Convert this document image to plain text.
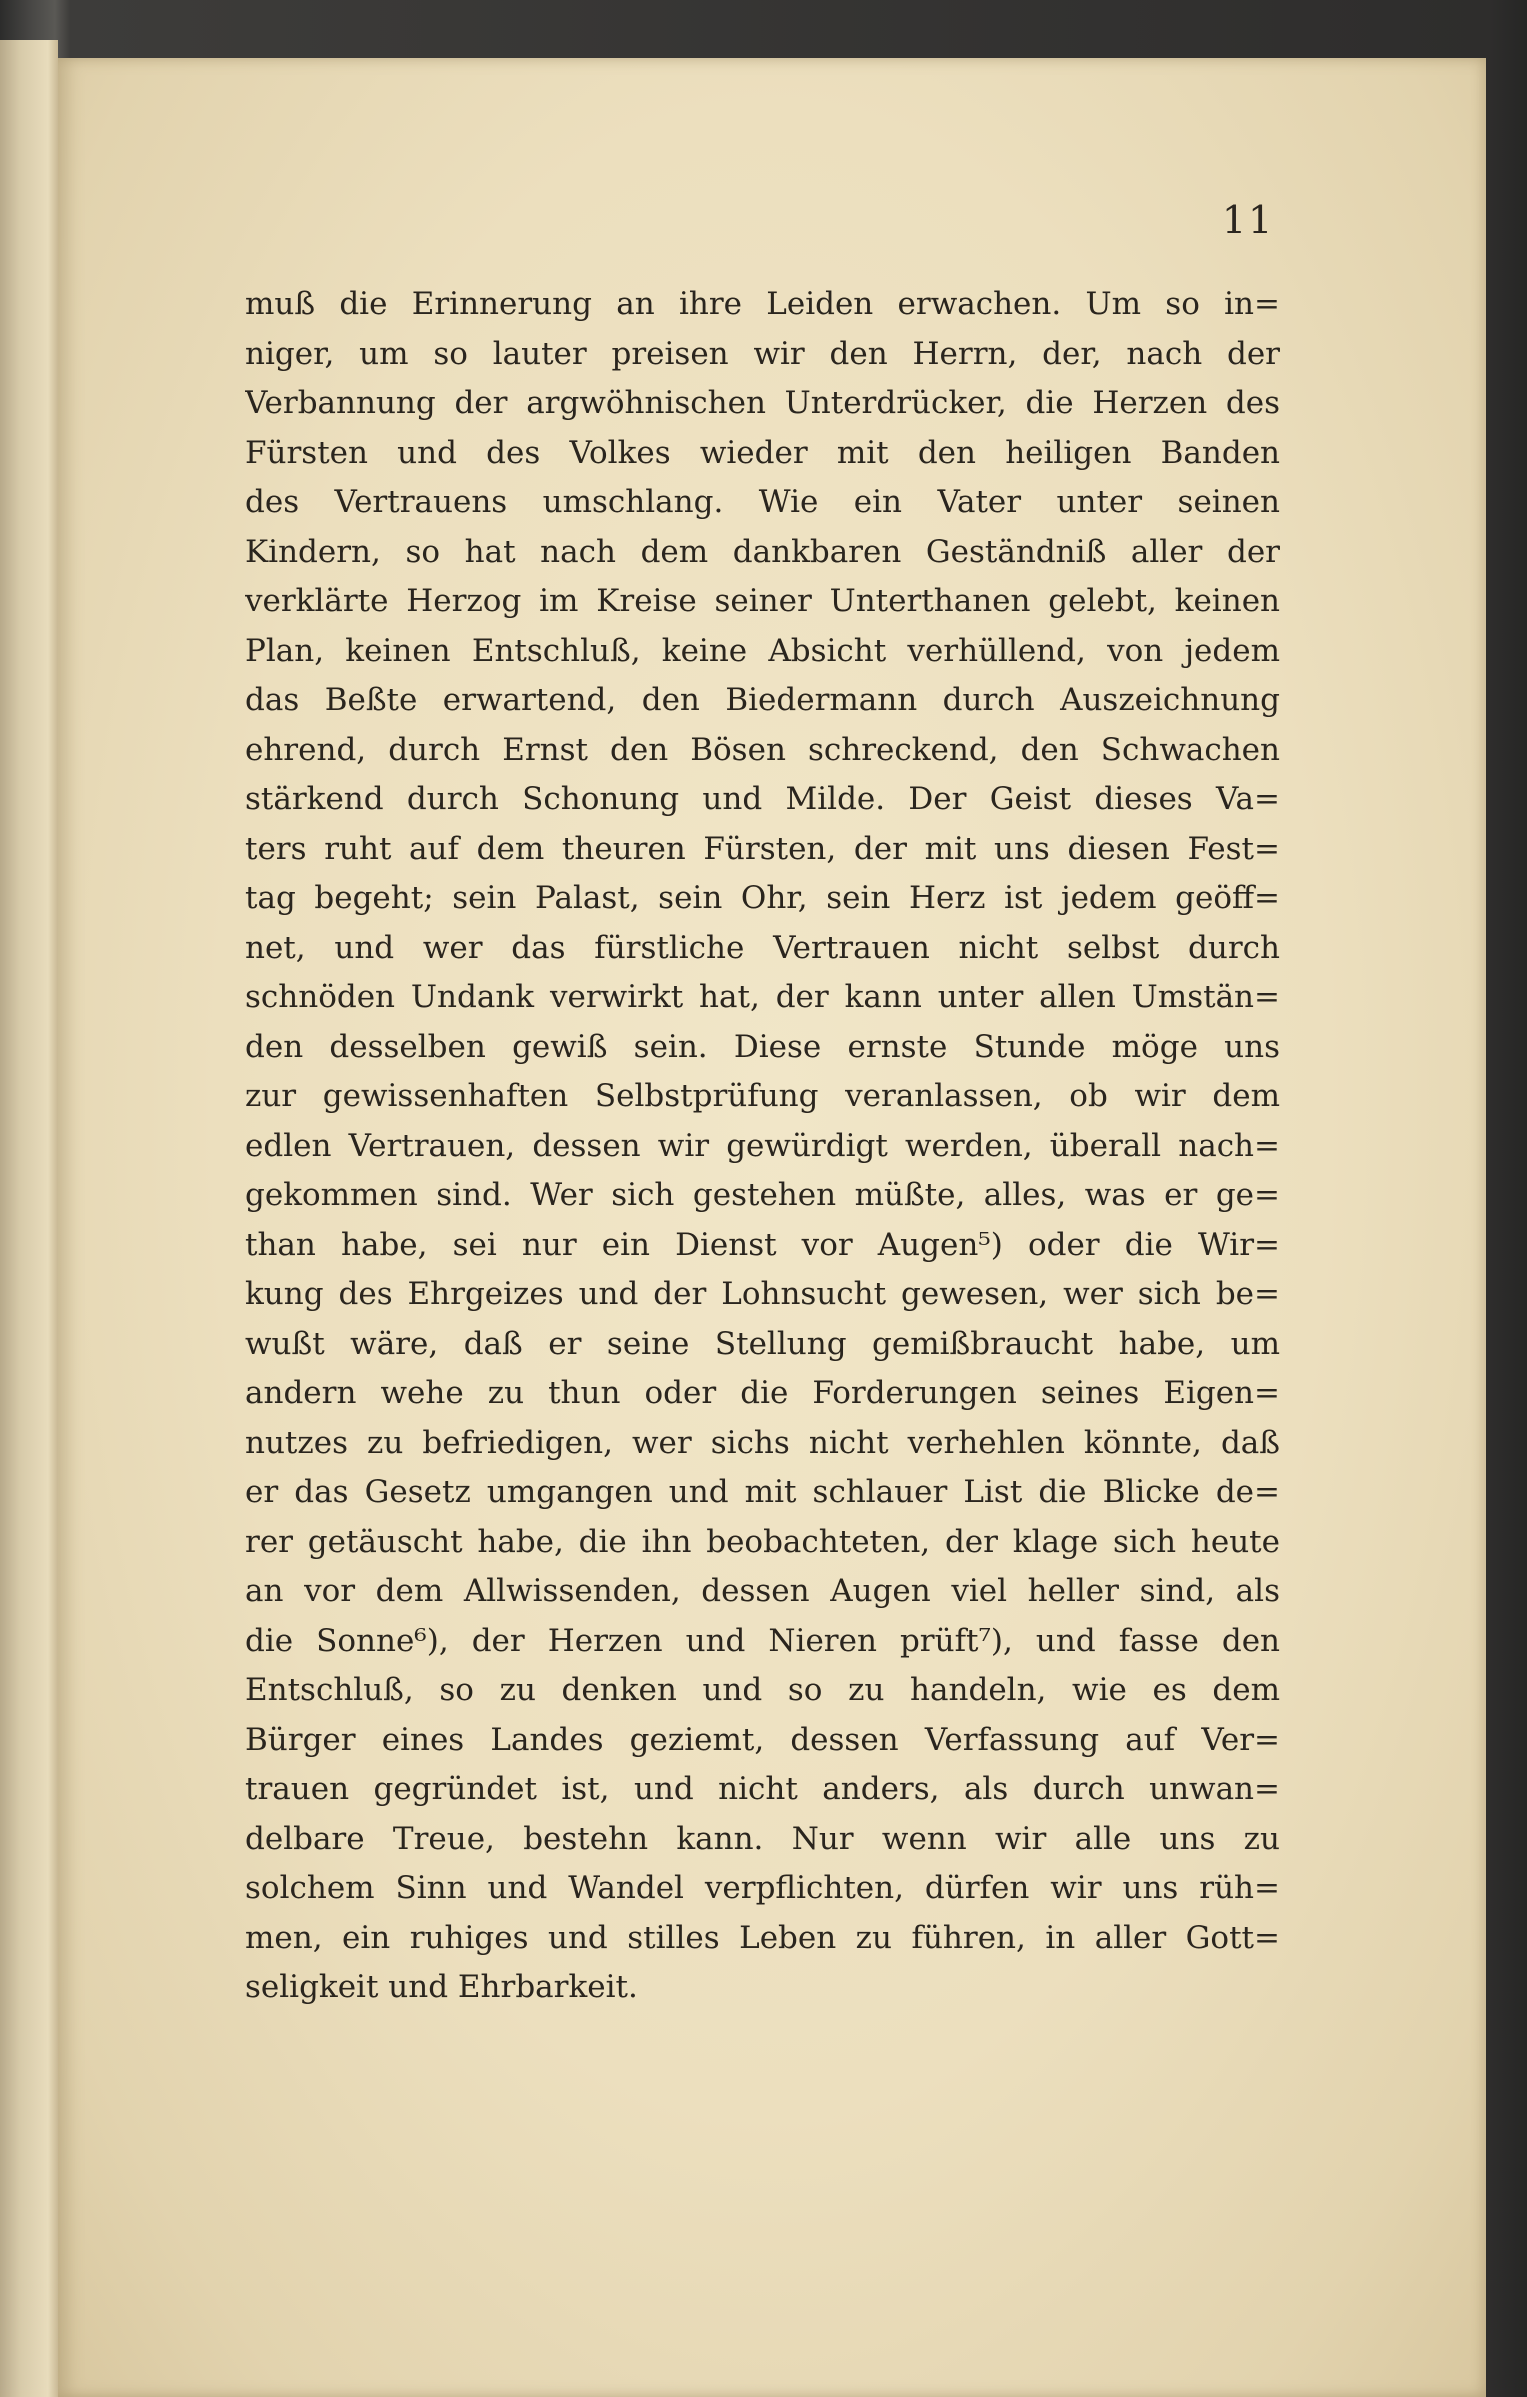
11
muß die Erinnerung an ihre Leiden erwachen. Um so in=
niger, um so lauter preisen wir den Herrn, der, nach der
Verbannung der argwöhnischen Unterdrücker, die Herzen des
Fürsten und des Volkes wieder mit den heiligen Banden
des Vertrauens umschlang. Wie ein Vater unter seinen
Kindern, so hat nach dem dankbaren Geständniß aller der
verklärte Herzog im Kreise seiner Unterthanen gelebt, keinen
Plan, keinen Entschluß, keine Absicht verhüllend, von jedem
das Beßte erwartend, den Biedermann durch Auszeichnung
ehrend, durch Ernst den Bösen schreckend, den Schwachen
stärkend durch Schonung und Milde. Der Geist dieses Va=
ters ruht auf dem theuren Fürsten, der mit uns diesen Fest=
tag begeht; sein Palast, sein Ohr, sein Herz ist jedem geöff=
net, und wer das fürstliche Vertrauen nicht selbst durch
schnöden Undank verwirkt hat, der kann unter allen Umstän=
den desselben gewiß sein. Diese ernste Stunde möge uns
zur gewissenhaften Selbstprüfung veranlassen, ob wir dem
edlen Vertrauen, dessen wir gewürdigt werden, überall nach=
gekommen sind. Wer sich gestehen müßte, alles, was er ge=
than habe, sei nur ein Dienst vor Augen⁵) oder die Wir=
kung des Ehrgeizes und der Lohnsucht gewesen, wer sich be=
wußt wäre, daß er seine Stellung gemißbraucht habe, um
andern wehe zu thun oder die Forderungen seines Eigen=
nutzes zu befriedigen, wer sichs nicht verhehlen könnte, daß
er das Gesetz umgangen und mit schlauer List die Blicke de=
rer getäuscht habe, die ihn beobachteten, der klage sich heute
an vor dem Allwissenden, dessen Augen viel heller sind, als
die Sonne⁶), der Herzen und Nieren prüft⁷), und fasse den
Entschluß, so zu denken und so zu handeln, wie es dem
Bürger eines Landes geziemt, dessen Verfassung auf Ver=
trauen gegründet ist, und nicht anders, als durch unwan=
delbare Treue, bestehn kann. Nur wenn wir alle uns zu
solchem Sinn und Wandel verpflichten, dürfen wir uns rüh=
men, ein ruhiges und stilles Leben zu führen, in aller Gott=
seligkeit und Ehrbarkeit.
